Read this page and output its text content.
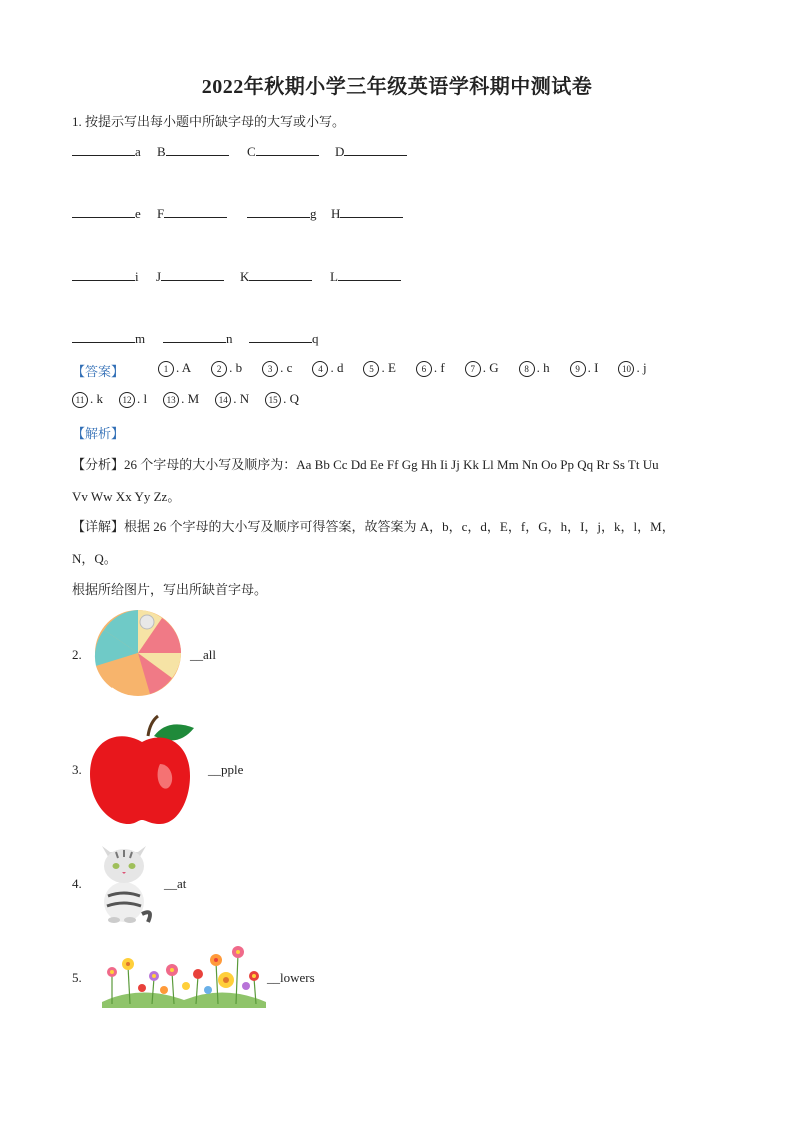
2022年秋期小学三年级英语学科期中测试卷
1. 按提示写出每小题中所缺字母的大写或小写。
a B	C	D
e F	g H
i J	K	L
m	n	q
【答案】	1 . A	2 . b	3 . c	4 . d	5 . E	6 . f	7 . G	8 . h	9 . I	10 . j
11 . k 12 . l 13 . M 14 . N 15 . Q
【解析】
【分析】26 个字母的大小写及顺序为：Aa Bb Cc Dd Ee Ff Gg Hh Ii Jj Kk Ll Mm Nn Oo Pp Qq Rr Ss Tt Uu
Vv Ww Xx Yy Zz。
【详解】根据 26 个字母的大小写及顺序可得答案，故答案为 A，b，c，d，E，f，G，h，I，j，k，l，M，
N，Q。
根据所给图片，写出所缺首字母。
2.	__all
3.	__pple
4.	__at
5.	__lowers
